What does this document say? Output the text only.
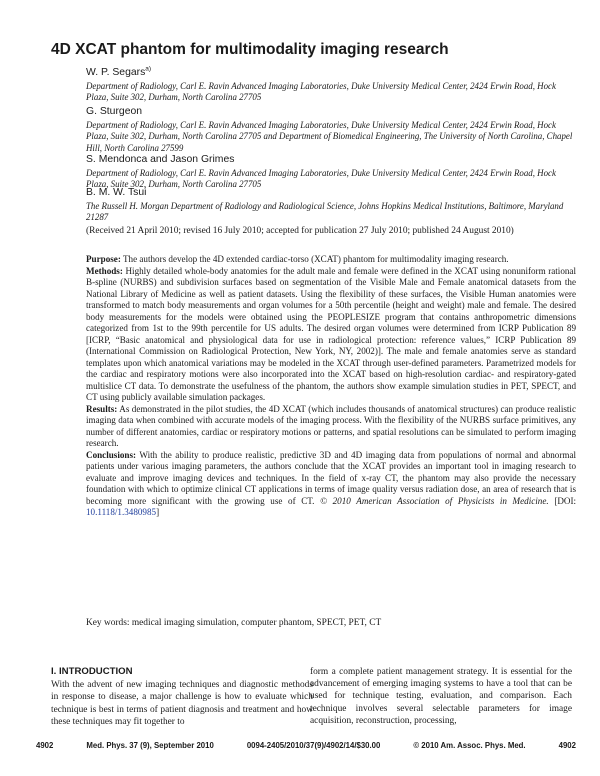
4D XCAT phantom for multimodality imaging research
W. P. Segars$^{a)}$
Department of Radiology, Carl E. Ravin Advanced Imaging Laboratories, Duke University Medical Center, 2424 Erwin Road, Hock Plaza, Suite 302, Durham, North Carolina 27705
G. Sturgeon
Department of Radiology, Carl E. Ravin Advanced Imaging Laboratories, Duke University Medical Center, 2424 Erwin Road, Hock Plaza, Suite 302, Durham, North Carolina 27705 and Department of Biomedical Engineering, The University of North Carolina, Chapel Hill, North Carolina 27599
S. Mendonca and Jason Grimes
Department of Radiology, Carl E. Ravin Advanced Imaging Laboratories, Duke University Medical Center, 2424 Erwin Road, Hock Plaza, Suite 302, Durham, North Carolina 27705
B. M. W. Tsui
The Russell H. Morgan Department of Radiology and Radiological Science, Johns Hopkins Medical Institutions, Baltimore, Maryland 21287
(Received 21 April 2010; revised 16 July 2010; accepted for publication 27 July 2010; published 24 August 2010)

Purpose: The authors develop the 4D extended cardiac-torso (XCAT) phantom for multimodality imaging research.

Methods: Highly detailed whole-body anatomies for the adult male and female were defined in the XCAT using nonuniform rational B-spline (NURBS) and subdivision surfaces based on segmentation of the Visible Male and Female anatomical datasets from the National Library of Medicine as well as patient datasets. Using the flexibility of these surfaces, the Visible Human anatomies were transformed to match body measurements and organ volumes for a 50th percentile (height and weight) male and female. The desired body measurements for the models were obtained using the PEOPLESIZE program that contains anthropometric dimensions categorized from 1st to the 99th percentile for US adults. The desired organ volumes were determined from ICRP Publication 89 [ICRP, “Basic anatomical and physiological data for use in radiological protection: reference values,” ICRP Publication 89 (International Commission on Radiological Protection, New York, NY, 2002)]. The male and female anatomies serve as standard templates upon which anatomical variations may be modeled in the XCAT through user-defined parameters. Parametrized models for the cardiac and respiratory motions were also incorporated into the XCAT based on high-resolution cardiac- and respiratory-gated multislice CT data. To demonstrate the usefulness of the phantom, the authors show example simulation studies in PET, SPECT, and CT using publicly available simulation packages.

Results: As demonstrated in the pilot studies, the 4D XCAT (which includes thousands of anatomical structures) can produce realistic imaging data when combined with accurate models of the imaging process. With the flexibility of the NURBS surface primitives, any number of different anatomies, cardiac or respiratory motions or patterns, and spatial resolutions can be simulated to perform imaging research.

Conclusions: With the ability to produce realistic, predictive 3D and 4D imaging data from populations of normal and abnormal patients under various imaging parameters, the authors conclude that the XCAT provides an important tool in imaging research to evaluate and improve imaging devices and techniques. In the field of x-ray CT, the phantom may also provide the necessary foundation with which to optimize clinical CT applications in terms of image quality versus radiation dose, an area of research that is becoming more significant with the growing use of CT. © 2010 American Association of Physicists in Medicine. [DOI: 10.1118/1.3480985]

Key words: medical imaging simulation, computer phantom, SPECT, PET, CT
I. INTRODUCTION

With the advent of new imaging techniques and diagnostic methods in response to disease, a major challenge is how to evaluate which technique is best in terms of patient diagnosis and treatment and how these techniques may fit together to

form a complete patient management strategy. It is essential for the advancement of emerging imaging systems to have a tool that can be used for technique testing, evaluation, and comparison. Each technique involves several selectable parameters for image acquisition, reconstruction, processing,

4902	Med. Phys. 37 (9), September 2010	0094-2405/2010/37(9)/4902/14/$30.00	© 2010 Am. Assoc. Phys. Med.	4902
